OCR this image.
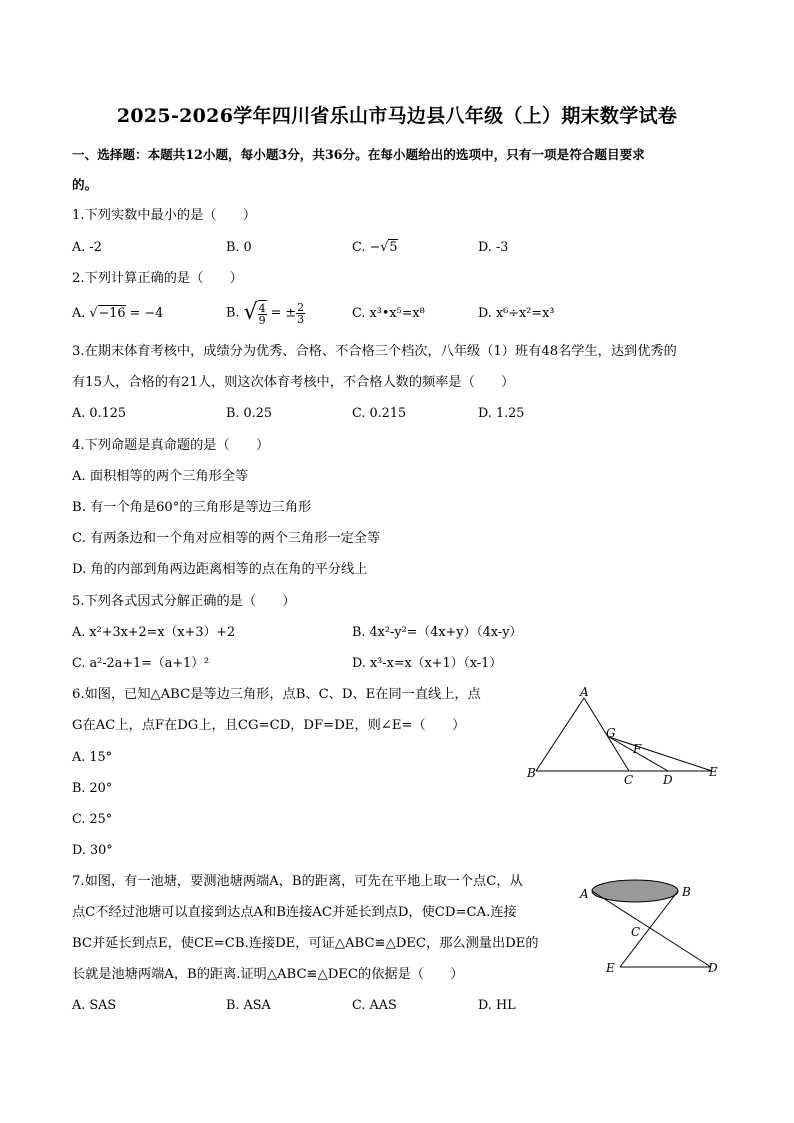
2025-2026学年四川省乐山市马边县八年级（上）期末数学试卷
一、选择题：本题共12小题，每小题3分，共36分。在每小题给出的选项中，只有一项是符合题目要求
的。
1.下列实数中最小的是（　　）
A. -2	B. 0	C. −√5	D. -3
2.下列计算正确的是（　　）
A. √−16 = −4	B. √ $\frac{4}{9}$ = ± $\frac{2}{3}$	C. x³•x⁵=x⁸	D. x⁶÷x²=x³
3.在期末体育考核中，成绩分为优秀、合格、不合格三个档次，八年级（1）班有48名学生，达到优秀的
有15人，合格的有21人，则这次体育考核中，不合格人数的频率是（　　）
A. 0.125	B. 0.25	C. 0.215	D. 1.25
4.下列命题是真命题的是（　　）
A. 面积相等的两个三角形全等
B. 有一个角是60°的三角形是等边三角形
C. 有两条边和一个角对应相等的两个三角形一定全等
D. 角的内部到角两边距离相等的点在角的平分线上
5.下列各式因式分解正确的是（　　）
A. x²+3x+2=x（x+3）+2	B. 4x²-y²=（4x+y）（4x-y）
C. a²-2a+1=（a+1）²	D. x³-x=x（x+1）（x-1）
6.如图，已知△ABC是等边三角形，点B、C、D、E在同一直线上，点
G在AC上，点F在DG上，且CG=CD，DF=DE，则∠E=（　　）
A. 15°
B. 20°
C. 25°
D. 30°
A
B	C D
E
F
G
7.如图，有一池塘，要测池塘两端A，B的距离，可先在平地上取一个点C，从
点C不经过池塘可以直接到达点A和B连接AC并延长到点D，使CD=CA.连接
BC并延长到点E，使CE=CB.连接DE，可证△ABC≌△DEC，那么测量出DE的
长就是池塘两端A，B的距离.证明△ABC≌△DEC的依据是（　　）
A. SAS	B. ASA	C. AAS	D. HL
A	B
C
D
E
